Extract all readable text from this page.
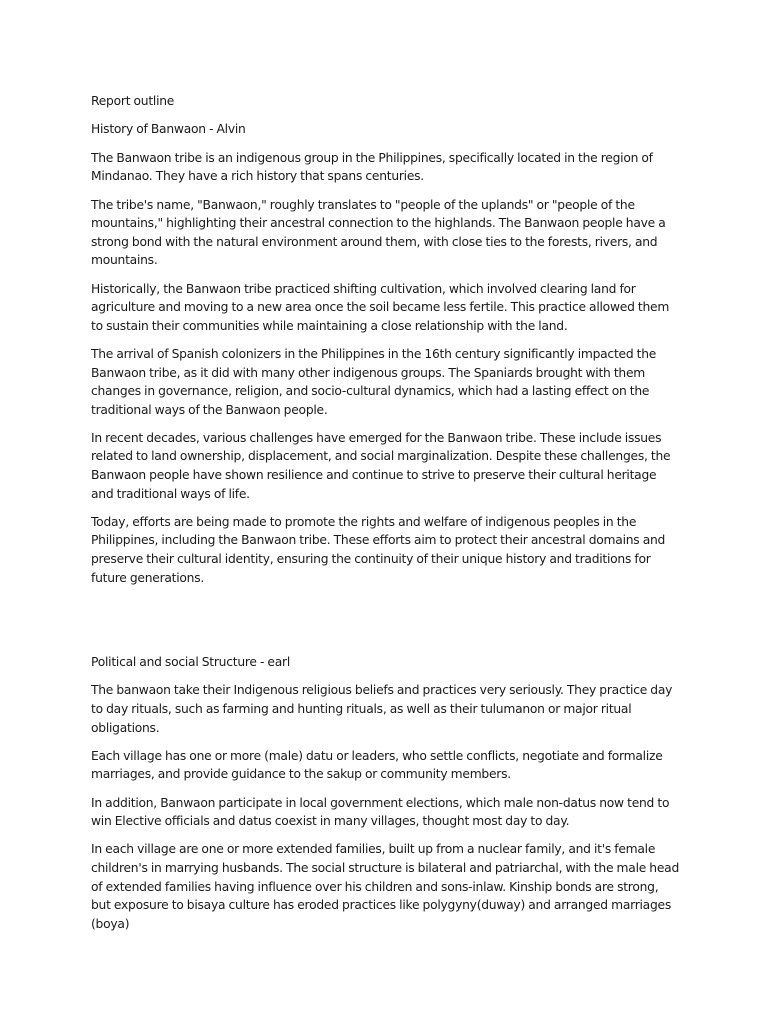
Report outline

History of Banwaon - Alvin

The Banwaon tribe is an indigenous group in the Philippines, specifically located in the region of Mindanao. They have a rich history that spans centuries.

The tribe's name, "Banwaon," roughly translates to "people of the uplands" or "people of the mountains," highlighting their ancestral connection to the highlands. The Banwaon people have a strong bond with the natural environment around them, with close ties to the forests, rivers, and mountains.

Historically, the Banwaon tribe practiced shifting cultivation, which involved clearing land for agriculture and moving to a new area once the soil became less fertile. This practice allowed them to sustain their communities while maintaining a close relationship with the land.

The arrival of Spanish colonizers in the Philippines in the 16th century significantly impacted the Banwaon tribe, as it did with many other indigenous groups. The Spaniards brought with them changes in governance, religion, and socio-cultural dynamics, which had a lasting effect on the traditional ways of the Banwaon people.

In recent decades, various challenges have emerged for the Banwaon tribe. These include issues related to land ownership, displacement, and social marginalization. Despite these challenges, the Banwaon people have shown resilience and continue to strive to preserve their cultural heritage and traditional ways of life.

Today, efforts are being made to promote the rights and welfare of indigenous peoples in the Philippines, including the Banwaon tribe. These efforts aim to protect their ancestral domains and preserve their cultural identity, ensuring the continuity of their unique history and traditions for future generations.

Political and social Structure - earl

The banwaon take their Indigenous religious beliefs and practices very seriously. They practice day to day rituals, such as farming and hunting rituals, as well as their tulumanon or major ritual obligations.

Each village has one or more (male) datu or leaders, who settle conflicts, negotiate and formalize marriages, and provide guidance to the sakup or community members.

In addition, Banwaon participate in local government elections, which male non-datus now tend to win Elective officials and datus coexist in many villages, thought most day to day.

In each village are one or more extended families, built up from a nuclear family, and it's female children's in marrying husbands. The social structure is bilateral and patriarchal, with the male head of extended families having influence over his children and sons-inlaw. Kinship bonds are strong, but exposure to bisaya culture has eroded practices like polygyny(duway) and arranged marriages (boya)
